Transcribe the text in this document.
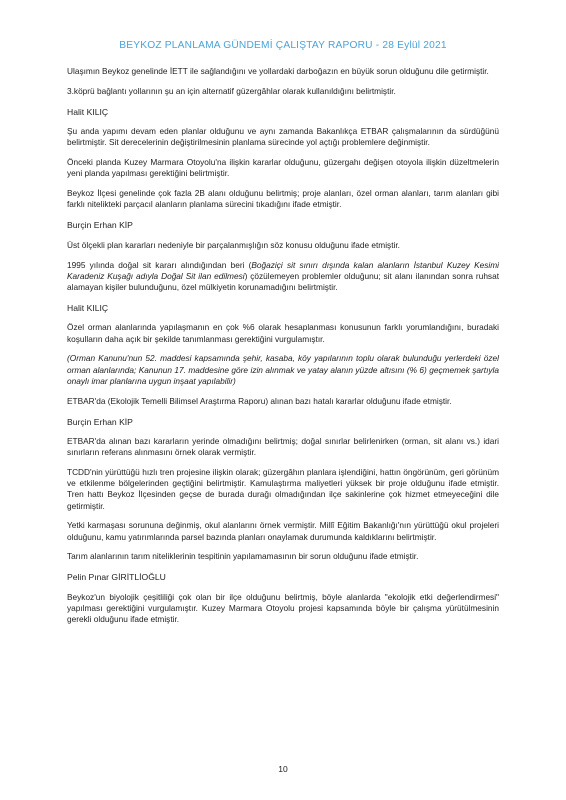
BEYKOZ PLANLAMA GÜNDEMİ ÇALIŞTAY RAPORU - 28 Eylül 2021

Ulaşımın Beykoz genelinde İETT ile sağlandığını ve yollardaki darboğazın en büyük sorun olduğunu dile getirmiştir.

3.köprü bağlantı yollarının şu an için alternatif güzergâhlar olarak kullanıldığını belirtmiştir.

Halit KILIÇ

Şu anda yapımı devam eden planlar olduğunu ve aynı zamanda Bakanlıkça ETBAR çalışmalarının da sürdüğünü belirtmiştir. Sit derecelerinin değiştirilmesinin planlama sürecinde yol açtığı problemlere değinmiştir.

Önceki planda Kuzey Marmara Otoyolu'na ilişkin kararlar olduğunu, güzergahı değişen otoyola ilişkin düzeltmelerin yeni planda yapılması gerektiğini belirtmiştir.

Beykoz İlçesi genelinde çok fazla 2B alanı olduğunu belirtmiş; proje alanları, özel orman alanları, tarım alanları gibi farklı nitelikteki parçacıl alanların planlama sürecini tıkadığını ifade etmiştir.

Burçin Erhan KİP

Üst ölçekli plan kararları nedeniyle bir parçalanmışlığın söz konusu olduğunu ifade etmiştir.

1995 yılında doğal sit kararı alındığından beri (Boğaziçi sit sınırı dışında kalan alanların İstanbul Kuzey Kesimi Karadeniz Kuşağı adıyla Doğal Sit ilan edilmesi) çözülemeyen problemler olduğunu; sit alanı ilanından sonra ruhsat alamayan kişiler bulunduğunu, özel mülkiyetin korunamadığını belirtmiştir.

Halit KILIÇ

Özel orman alanlarında yapılaşmanın en çok %6 olarak hesaplanması konusunun farklı yorumlandığını, buradaki koşulların daha açık bir şekilde tanımlanması gerektiğini vurgulamıştır.

(Orman Kanunu'nun 52. maddesi kapsamında şehir, kasaba, köy yapılarının toplu olarak bulunduğu yerlerdeki özel orman alanlarında; Kanunun 17. maddesine göre izin alınmak ve yatay alanın yüzde altısını (% 6) geçmemek şartıyla onaylı imar planlarına uygun inşaat yapılabilir)

ETBAR'da (Ekolojik Temelli Bilimsel Araştırma Raporu) alınan bazı hatalı kararlar olduğunu ifade etmiştir.

Burçin Erhan KİP

ETBAR'da alınan bazı kararların yerinde olmadığını belirtmiş; doğal sınırlar belirlenirken (orman, sit alanı vs.) idari sınırların referans alınmasını örnek olarak vermiştir.

TCDD'nin yürüttüğü hızlı tren projesine ilişkin olarak; güzergâhın planlara işlendiğini, hattın öngörünüm, geri görünüm ve etkilenme bölgelerinden geçtiğini belirtmiştir. Kamulaştırma maliyetleri yüksek bir proje olduğunu ifade etmiştir. Tren hattı Beykoz İlçesinden geçse de burada durağı olmadığından ilçe sakinlerine çok hizmet etmeyeceğini dile getirmiştir.

Yetki karmaşası sorununa değinmiş, okul alanlarını örnek vermiştir. Millî Eğitim Bakanlığı'nın yürüttüğü okul projeleri olduğunu, kamu yatırımlarında parsel bazında planları onaylamak durumunda kaldıklarını belirtmiştir.

Tarım alanlarının tarım niteliklerinin tespitinin yapılamamasının bir sorun olduğunu ifade etmiştir.

Pelin Pınar GİRİTLİOĞLU

Beykoz'un biyolojik çeşitliliği çok olan bir ilçe olduğunu belirtmiş, böyle alanlarda "ekolojik etki değerlendirmesi" yapılması gerektiğini vurgulamıştır. Kuzey Marmara Otoyolu projesi kapsamında böyle bir çalışma yürütülmesinin gerekli olduğunu ifade etmiştir.

10
